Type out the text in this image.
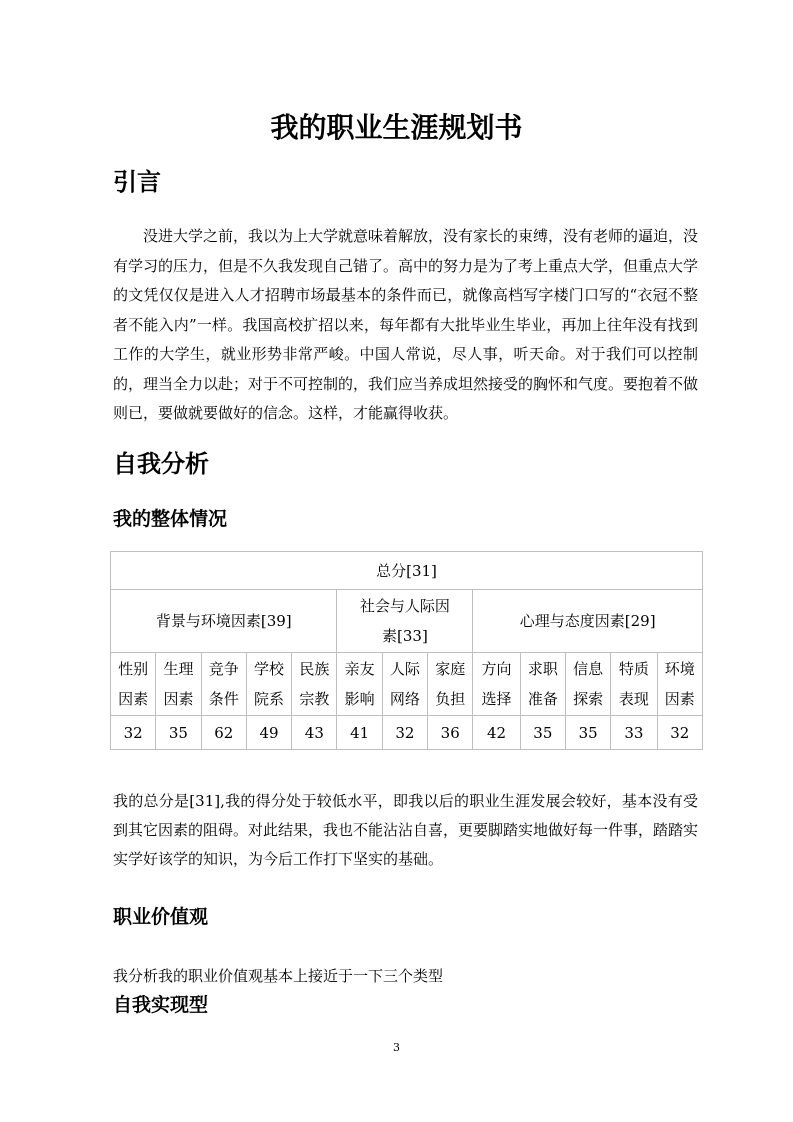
我的职业生涯规划书
引言

没进大学之前，我以为上大学就意味着解放，没有家长的束缚，没有老师的逼迫，没有学习的压力，但是不久我发现自己错了。高中的努力是为了考上重点大学，但重点大学的文凭仅仅是进入人才招聘市场最基本的条件而已，就像高档写字楼门口写的“衣冠不整者不能入内”一样。我国高校扩招以来，每年都有大批毕业生毕业，再加上往年没有找到工作的大学生，就业形势非常严峻。中国人常说，尽人事，听天命。对于我们可以控制的，理当全力以赴；对于不可控制的，我们应当养成坦然接受的胸怀和气度。要抱着不做则已，要做就要做好的信念。这样，才能赢得收获。

自我分析
我的整体情况
总分[31]												
背景与环境因素[39]					社会与人际因素[33]			心理与态度因素[29]				

性别因素	生理因素	竞争条件	学校院系	民族宗教	亲友影响	人际网络	家庭负担	方向选择	求职准备	信息探索	特质表现	环境因素

32	35	62	49	43	41	32	36	42	35	35	33	32

我的总分是[31],我的得分处于较低水平，即我以后的职业生涯发展会较好，基本没有受到其它因素的阻碍。对此结果，我也不能沾沾自喜，更要脚踏实地做好每一件事，踏踏实实学好该学的知识，为今后工作打下坚实的基础。

职业价值观

我分析我的职业价值观基本上接近于一下三个类型

自我实现型

3
